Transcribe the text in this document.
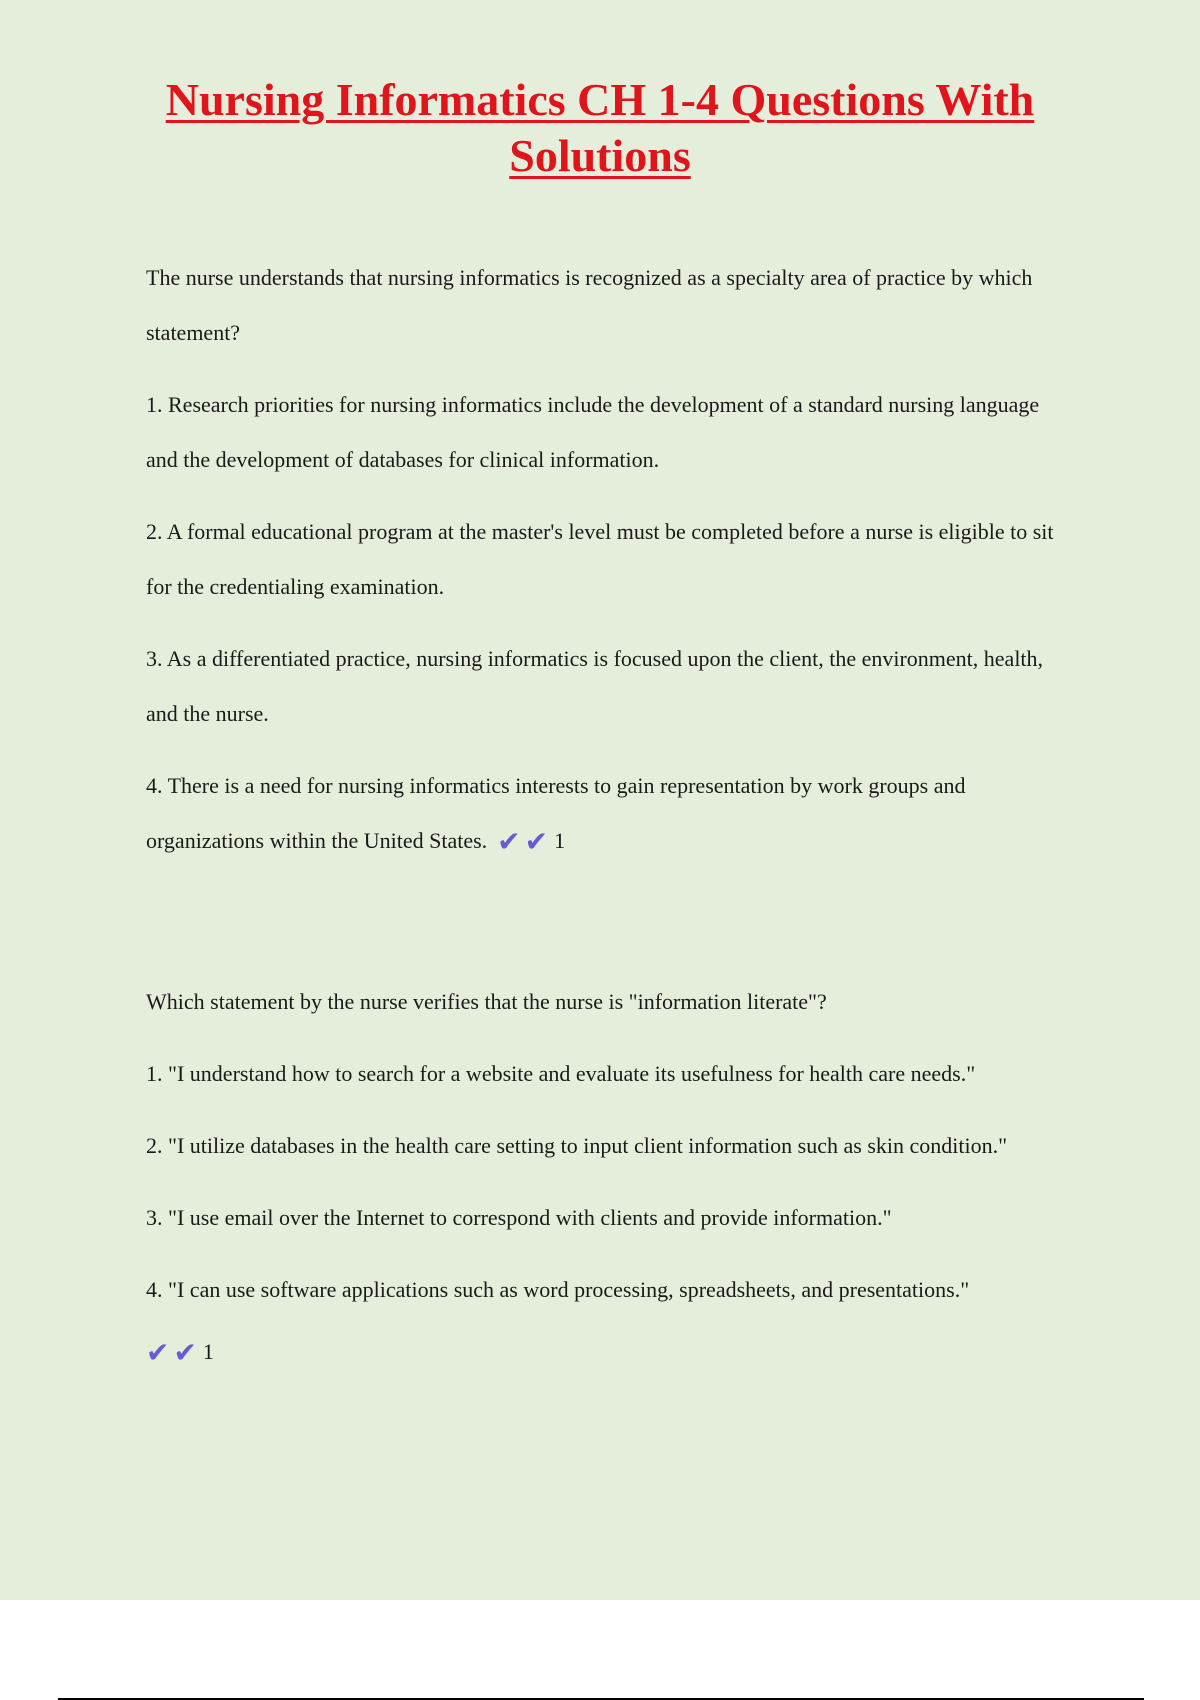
Nursing Informatics CH 1-4 Questions With Solutions

The nurse understands that nursing informatics is recognized as a specialty area of practice by which statement?

1. Research priorities for nursing informatics include the development of a standard nursing language and the development of databases for clinical information.

2. A formal educational program at the master's level must be completed before a nurse is eligible to sit for the credentialing examination.

3. As a differentiated practice, nursing informatics is focused upon the client, the environment, health, and the nurse.

4. There is a need for nursing informatics interests to gain representation by work groups and organizations within the United States. ✔✔1

Which statement by the nurse verifies that the nurse is "information literate"?

1. "I understand how to search for a website and evaluate its usefulness for health care needs."

2. "I utilize databases in the health care setting to input client information such as skin condition."

3. "I use email over the Internet to correspond with clients and provide information."

4. "I can use software applications such as word processing, spreadsheets, and presentations."

✔✔1
